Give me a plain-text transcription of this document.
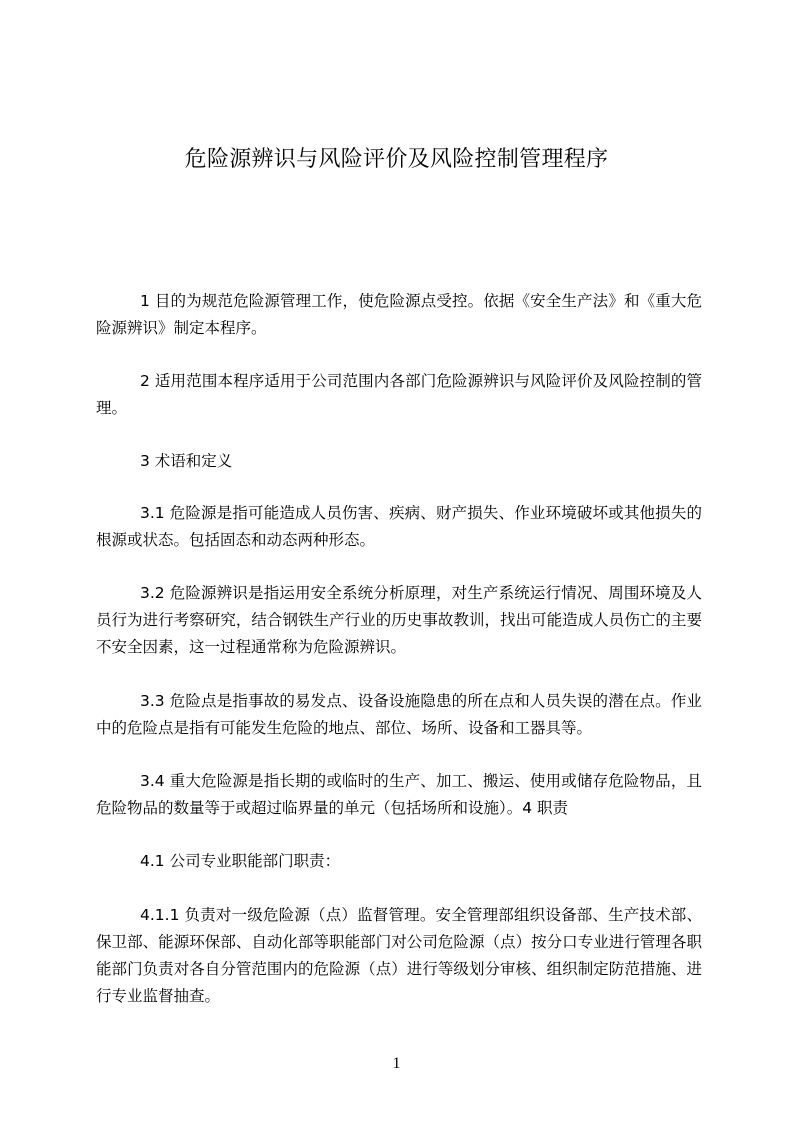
危险源辨识与风险评价及风险控制管理程序

1 目的为规范危险源管理工作，使危险源点受控。依据《安全生产法》和《重大危险源辨识》制定本程序。

2 适用范围本程序适用于公司范围内各部门危险源辨识与风险评价及风险控制的管理。

3 术语和定义

3.1 危险源是指可能造成人员伤害、疾病、财产损失、作业环境破坏或其他损失的根源或状态。包括固态和动态两种形态。

3.2 危险源辨识是指运用安全系统分析原理，对生产系统运行情况、周围环境及人员行为进行考察研究，结合钢铁生产行业的历史事故教训，找出可能造成人员伤亡的主要不安全因素，这一过程通常称为危险源辨识。

3.3 危险点是指事故的易发点、设备设施隐患的所在点和人员失误的潜在点。作业中的危险点是指有可能发生危险的地点、部位、场所、设备和工器具等。

3.4 重大危险源是指长期的或临时的生产、加工、搬运、使用或储存危险物品，且危险物品的数量等于或超过临界量的单元（包括场所和设施）。4 职责

4.1 公司专业职能部门职责：

4.1.1 负责对一级危险源（点）监督管理。安全管理部组织设备部、生产技术部、保卫部、能源环保部、自动化部等职能部门对公司危险源（点）按分口专业进行管理各职能部门负责对各自分管范围内的危险源（点）进行等级划分审核、组织制定防范措施、进行专业监督抽查。

1
